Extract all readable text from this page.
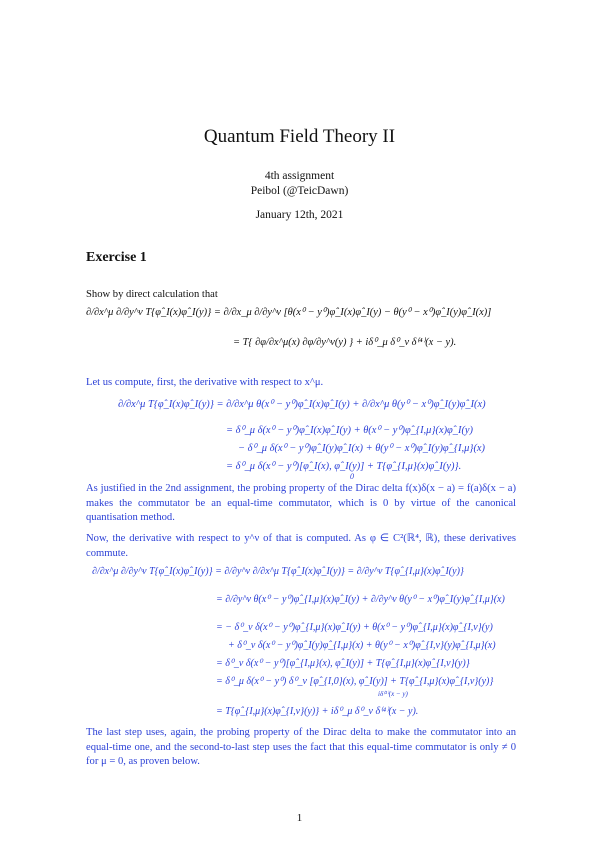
Quantum Field Theory II
4th assignment
Peibol (@TeicDawn)
January 12th, 2021
Exercise 1
Show by direct calculation that
∂/∂x^μ ∂/∂y^ν T{φ̂_I(x)φ̂_I(y)} = ∂/∂x_μ ∂/∂y^ν [θ(x⁰ − y⁰)φ̂_I(x)φ̂_I(y) − θ(y⁰ − x⁰)φ̂_I(y)φ̂_I(x)]
= T{ ∂φ/∂x^μ(x) ∂φ/∂y^ν(y) } + iδ⁰_μ δ⁰_ν δ⁽⁴⁾(x − y).
Let us compute, first, the derivative with respect to x^μ.
∂/∂x^μ T{φ̂_I(x)φ̂_I(y)} = ∂/∂x^μ θ(x⁰ − y⁰)φ̂_I(x)φ̂_I(y) + ∂/∂x^μ θ(y⁰ − x⁰)φ̂_I(y)φ̂_I(x)
= δ⁰_μ δ(x⁰ − y⁰)φ̂_I(x)φ̂_I(y) + θ(x⁰ − y⁰)φ̂_{I,μ}(x)φ̂_I(y)
− δ⁰_μ δ(x⁰ − y⁰)φ̂_I(y)φ̂_I(x) + θ(y⁰ − x⁰)φ̂_I(y)φ̂_{I,μ}(x)
= δ⁰_μ δ(x⁰ − y⁰)[φ̂_I(x), φ̂_I(y)] + T{φ̂_{I,μ}(x)φ̂_I(y)}.
0
As justified in the 2nd assignment, the probing property of the Dirac delta f(x)δ(x − a) = f(a)δ(x − a) makes the commutator be an equal-time commutator, which is 0 by virtue of the canonical quantisation method.
Now, the derivative with respect to y^ν of that is computed. As φ ∈ C²(ℝ⁴, ℝ), these derivatives commute.
∂/∂x^μ ∂/∂y^ν T{φ̂_I(x)φ̂_I(y)} = ∂/∂y^ν ∂/∂x^μ T{φ̂_I(x)φ̂_I(y)} = ∂/∂y^ν T{φ̂_{I,μ}(x)φ̂_I(y)}
= ∂/∂y^ν θ(x⁰ − y⁰)φ̂_{I,μ}(x)φ̂_I(y) + ∂/∂y^ν θ(y⁰ − x⁰)φ̂_I(y)φ̂_{I,μ}(x)
= − δ⁰_ν δ(x⁰ − y⁰)φ̂_{I,μ}(x)φ̂_I(y) + θ(x⁰ − y⁰)φ̂_{I,μ}(x)φ̂_{I,ν}(y)
+ δ⁰_ν δ(x⁰ − y⁰)φ̂_I(y)φ̂_{I,μ}(x) + θ(y⁰ − x⁰)φ̂_{I,ν}(y)φ̂_{I,μ}(x)
= δ⁰_ν δ(x⁰ − y⁰)[φ̂_{I,μ}(x), φ̂_I(y)] + T{φ̂_{I,μ}(x)φ̂_{I,ν}(y)}
= δ⁰_μ δ(x⁰ − y⁰) δ⁰_ν [φ̂_{I,0}(x), φ̂_I(y)] + T{φ̂_{I,μ}(x)φ̂_{I,ν}(y)}
iδ⁽³⁾(x − y)
= T{φ̂_{I,μ}(x)φ̂_{I,ν}(y)} + iδ⁰_μ δ⁰_ν δ⁽⁴⁾(x − y).
The last step uses, again, the probing property of the Dirac delta to make the commutator into an equal-time one, and the second-to-last step uses the fact that this equal-time commutator is only ≠ 0 for μ = 0, as proven below.
1
